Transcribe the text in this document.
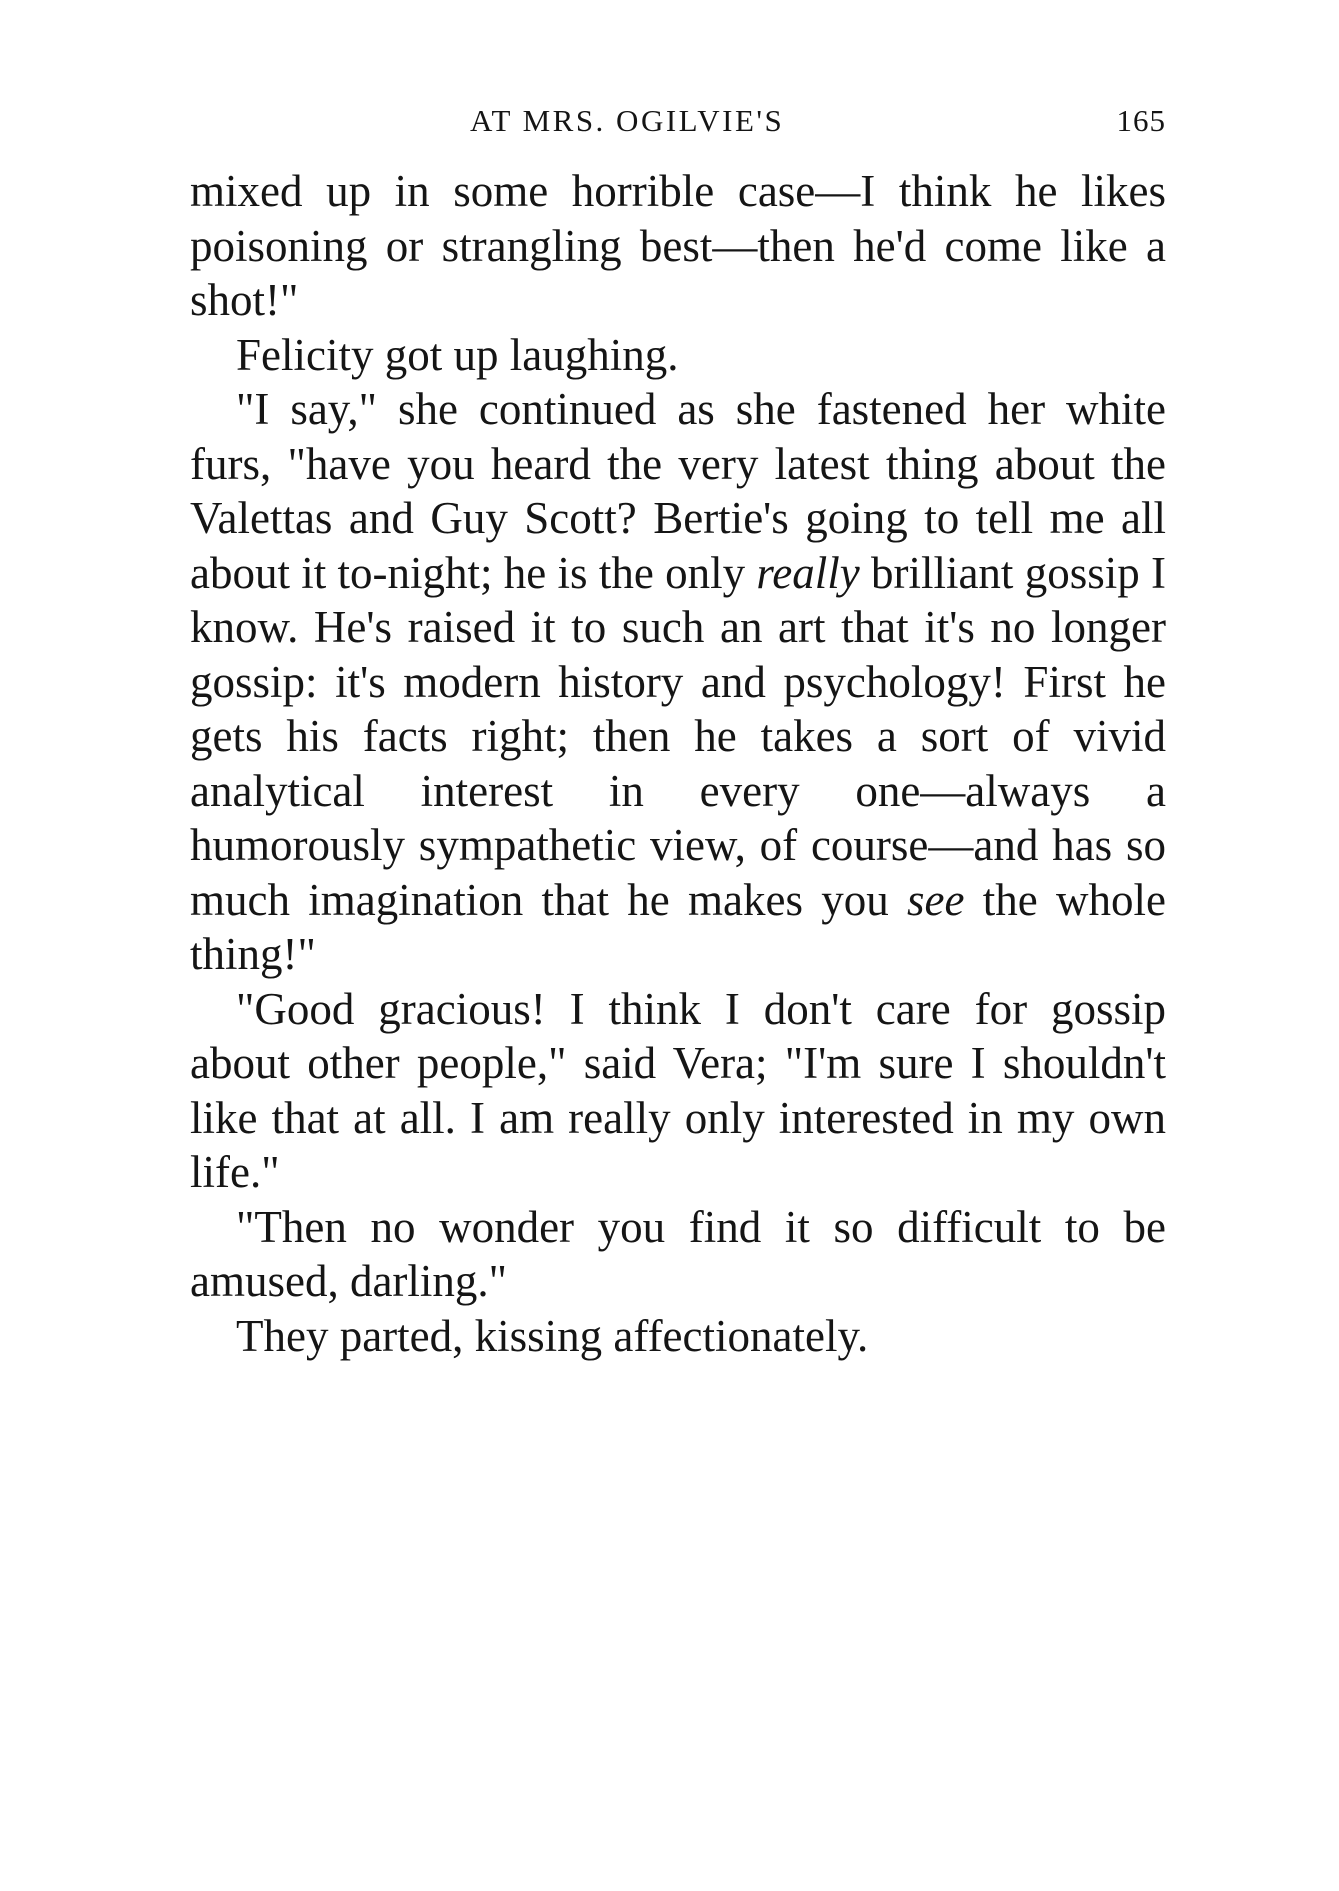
AT MRS. OGILVIE'S	165

mixed up in some horrible case—I think he likes poisoning or strangling best—then he'd come like a shot!"

Felicity got up laughing.

"I say," she continued as she fastened her white furs, "have you heard the very latest thing about the Valettas and Guy Scott? Bertie's going to tell me all about it to-night; he is the only really brilliant gossip I know. He's raised it to such an art that it's no longer gossip: it's modern history and psychology! First he gets his facts right; then he takes a sort of vivid analytical interest in every one—always a humorously sympathetic view, of course—and has so much imagination that he makes you see the whole thing!"

"Good gracious! I think I don't care for gossip about other people," said Vera; "I'm sure I shouldn't like that at all. I am really only interested in my own life."

"Then no wonder you find it so difficult to be amused, darling."

They parted, kissing affectionately.
